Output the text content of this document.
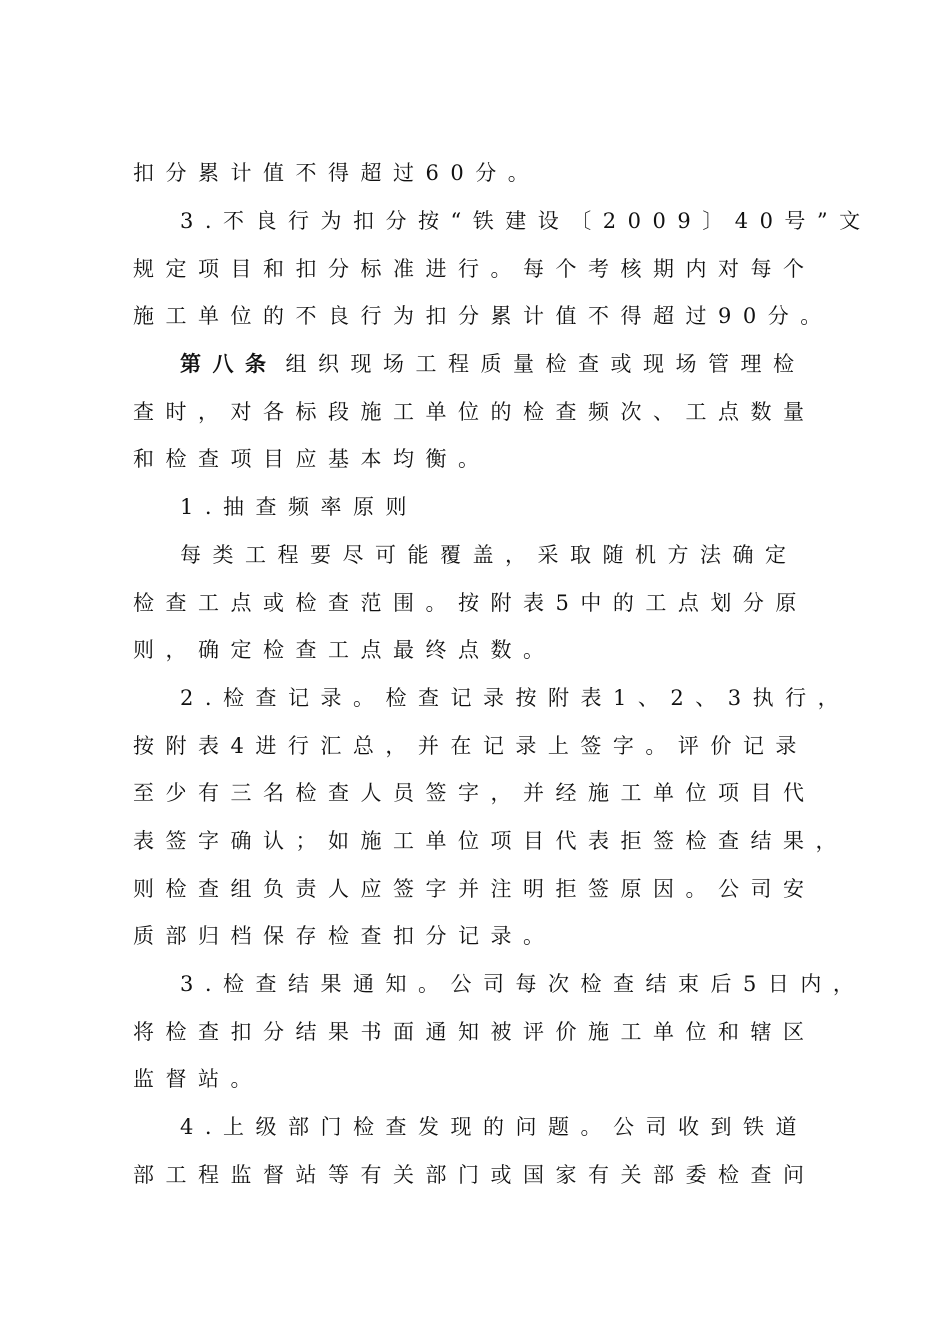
扣分累计值不得超过60分。
3.不良行为扣分按“铁建设〔2009〕40号”文
规定项目和扣分标准进行。每个考核期内对每个
施工单位的不良行为扣分累计值不得超过90分。
第八条 组织现场工程质量检查或现场管理检
查时，对各标段施工单位的检查频次、工点数量
和检查项目应基本均衡。
1.抽查频率原则
每类工程要尽可能覆盖，采取随机方法确定
检查工点或检查范围。按附表5中的工点划分原
则，确定检查工点最终点数。
2.检查记录。检查记录按附表1、2、3执行，
按附表4进行汇总，并在记录上签字。评价记录
至少有三名检查人员签字，并经施工单位项目代
表签字确认；如施工单位项目代表拒签检查结果，
则检查组负责人应签字并注明拒签原因。公司安
质部归档保存检查扣分记录。
3.检查结果通知。公司每次检查结束后5日内，
将检查扣分结果书面通知被评价施工单位和辖区
监督站。
4.上级部门检查发现的问题。公司收到铁道
部工程监督站等有关部门或国家有关部委检查问
